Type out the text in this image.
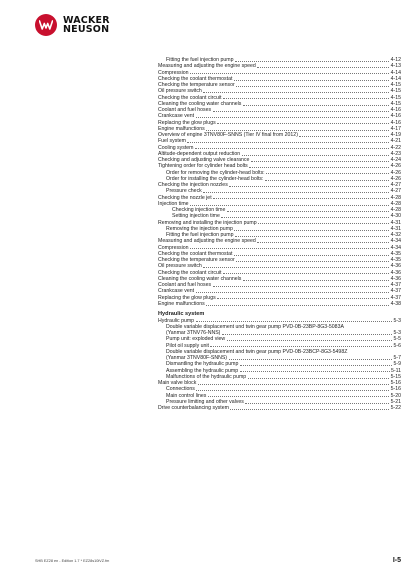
WACKER
NEUSON
Fitting the fuel injection pump	4-12
Measuring and adjusting the engine speed	4-13
Compression	4-14
Checking the coolant thermostat	4-14
Checking the temperature sensor	4-15
Oil pressure switch	4-15
Checking the coolant circuit	4-15
Cleaning the cooling water channels	4-15
Coolant and fuel hoses	4-16
Crankcase vent	4-16
Replacing the glow plugs	4-16
Engine malfunctions	4-17
Overview of engine 3TNV80F-SNNS (Tier IV final from 2012)	4-19
Fuel system	4-21
Cooling system	4-22
Altitude-dependent output reduction	4-23
Checking and adjusting valve clearance	4-24
Tightening order for cylinder head bolts	4-26
Order for removing the cylinder-head bolts:	4-26
Order for installing the cylinder-head bolts:	4-26
Checking the injection nozzles	4-27
Pressure check	4-27
Checking the nozzle jet	4-28
Injection time	4-28
Checking injection time	4-28
Setting injection time	4-30
Removing and installing the injection pump	4-31
Removing the injection pump	4-31
Fitting the fuel injection pump	4-32
Measuring and adjusting the engine speed	4-34
Compression	4-34
Checking the coolant thermostat	4-35
Checking the temperature sensor	4-35
Oil pressure switch	4-36
Checking the coolant circuit	4-36
Cleaning the cooling water channels	4-36
Coolant and fuel hoses	4-37
Crankcase vent	4-37
Replacing the glow plugs	4-37
Engine malfunctions	4-38
Hydraulic system
Hydraulic pump	5-3
Double variable displacement und twin gear pump PVD-0B-23BP-8G3-5083A
(Yanmar 3TNV76-NNS)	5-3
Pump unit: exploded view	5-5
Pilot oil supply unit	5-6
Double variable displacement and twin gear pump PVD-0B-23BCP-8G3-5498Z
(Yanmar 3TNV80F-SNNS)	5-7
Dismantling the hydraulic pump	5-9
Assembling the hydraulic pump	5-11
Malfunctions of the hydraulic pump	5-15
Main valve block	5-16
Connections	5-16
Main control lines	5-20
Pressure limiting and other valves	5-21
Drive counterbalancing system	5-22
SHB EZ28 en - Edition 1.7 * EZ28s10iVZ.fm	I-5
